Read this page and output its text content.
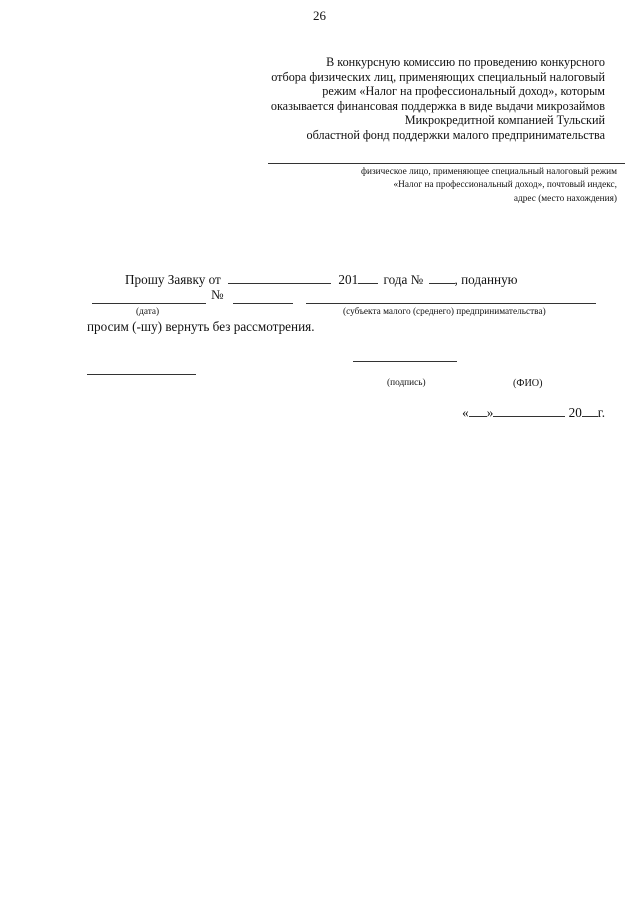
26
В конкурсную комиссию по проведению конкурсного
отбора физических лиц, применяющих специальный налоговый
режим «Налог на профессиональный доход», которым
оказывается финансовая поддержка в виде выдачи микрозаймов
Микрокредитной компанией Тульский
областной фонд поддержки малого предпринимательства
физическое лицо, применяющее специальный налоговый режим
«Налог на профессиональный доход», почтовый индекс,
адрес (место нахождения)
Прошу Заявку от	201 года № , поданную
№
(дата)	(субъекта малого (среднего) предпринимательства)
просим (-шу) вернуть без рассмотрения.
(подпись)	(ФИО)
« »	20 г.
